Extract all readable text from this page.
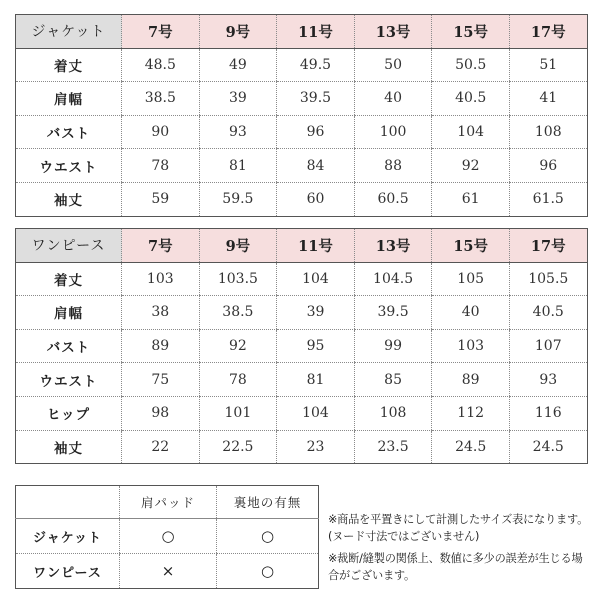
ジャケット	7号	9号	11号	13号	15号	17号
着丈	48.5	49	49.5	50	50.5	51
肩幅	38.5	39	39.5	40	40.5	41
バスト	90	93	96	100	104	108
ウエスト	78	81	84	88	92	96
袖丈	59	59.5	60	60.5	61	61.5
ワンピース	7号	9号	11号	13号	15号	17号
着丈	103	103.5	104	104.5	105	105.5
肩幅	38	38.5	39	39.5	40	40.5
バスト	89	92	95	99	103	107
ウエスト	75	78	81	85	89	93
ヒップ	98	101	104	108	112	116
袖丈	22	22.5	23	23.5	24.5	24.5
	肩パッド	裏地の有無
ジャケット	○	○
ワンピース	×	○

※商品を平置きにして計測したサイズ表になります。(ヌード寸法ではございません)

※裁断/縫製の関係上、数値に多少の誤差が生じる場合がございます。
